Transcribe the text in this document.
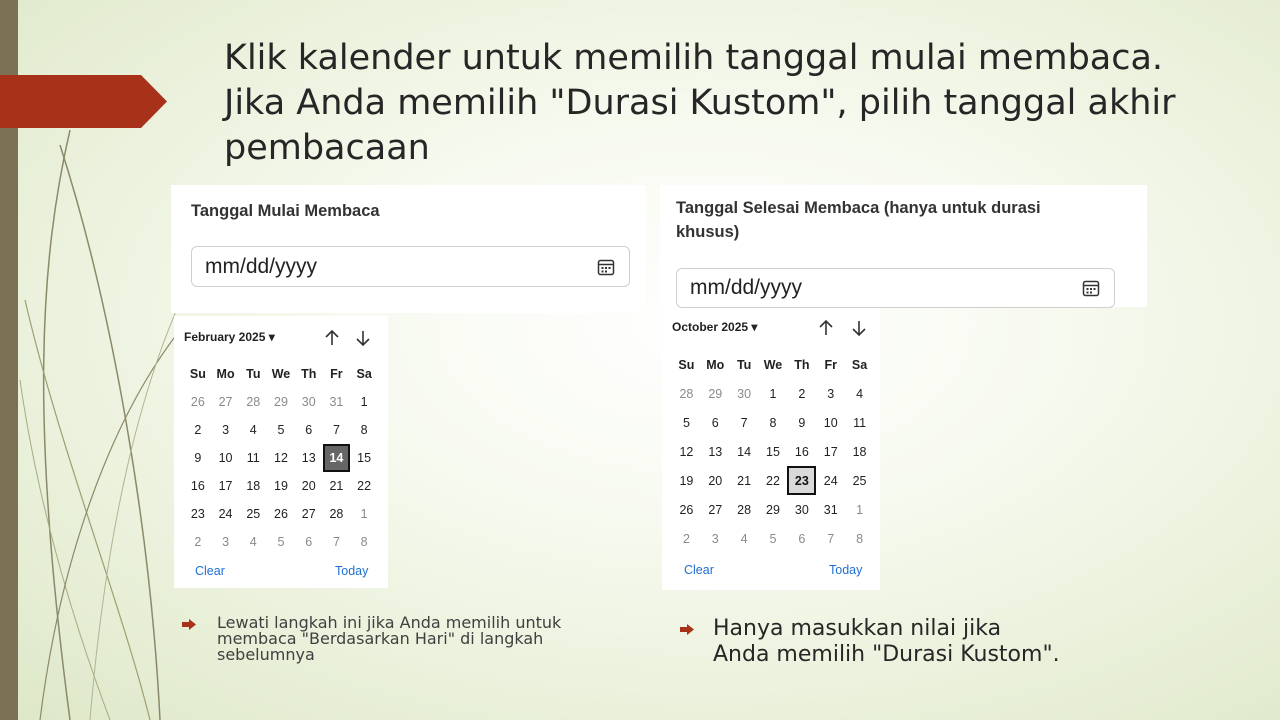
Klik kalender untuk memilih tanggal mulai membaca. Jika Anda memilih "Durasi Kustom", pilih tanggal akhir pembacaan
Tanggal Mulai Membaca
mm/dd/yyyy
Tanggal Selesai Membaca (hanya untuk durasi khusus)
mm/dd/yyyy
February 2025 ▾
Su Mo Tu We Th	Fr	Sa
26	27	28	29	30	31	1
2	3	4	5	6	7	8
9	10	11	12	13	14	15
16	17	18	19	20	21	22
23	24	25	26	27	28	1
2	3	4	5	6	7	8
Clear	Today
October 2025 ▾
Su Mo	Tu We Th	Fr	Sa
28	29	30	1	2	3	4
5	6	7	8	9	10	11
12	13	14	15	16	17	18
19	20	21	22	23	24	25
26	27	28	29	30	31	1
2	3	4	5	6	7	8
Clear	Today
Lewati langkah ini jika Anda memilih untuk membaca "Berdasarkan Hari" di langkah sebelumnya
Hanya masukkan nilai jika
Anda memilih "Durasi Kustom".
